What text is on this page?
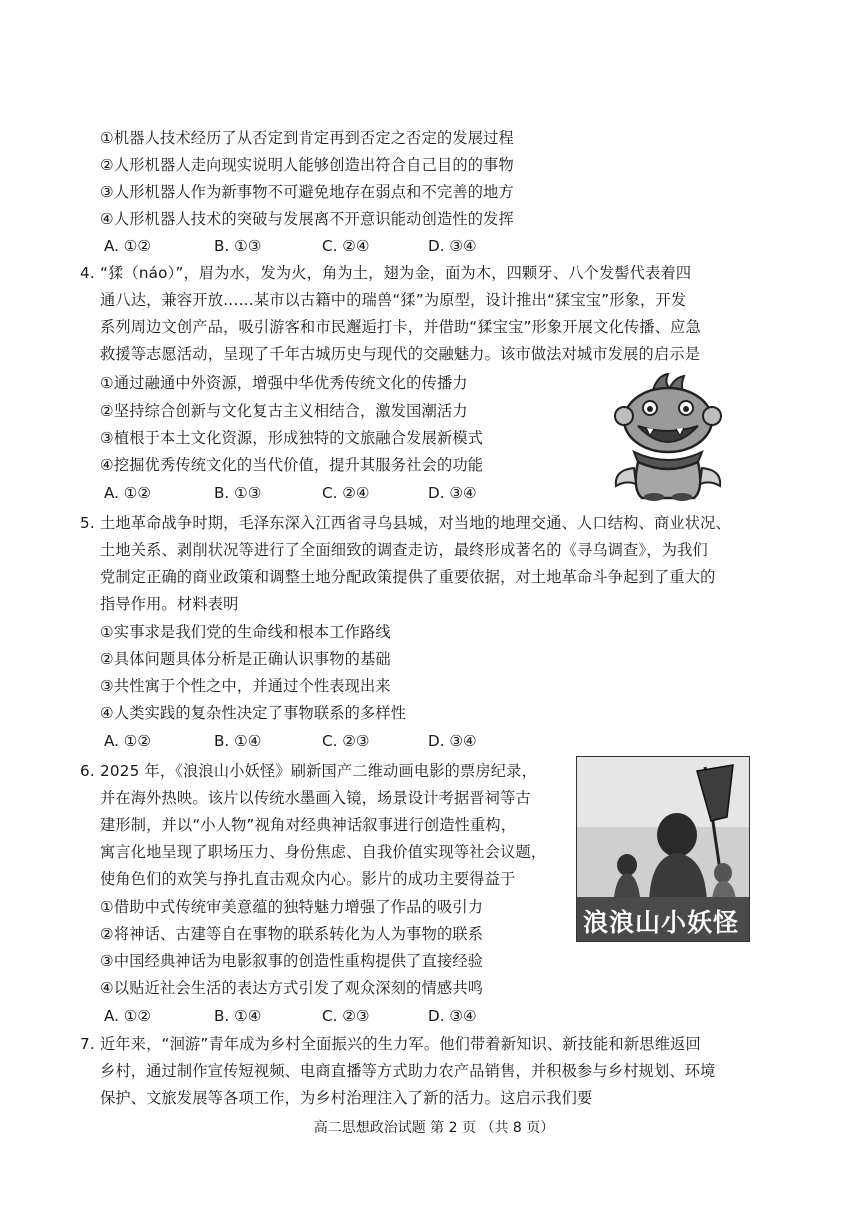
①机器人技术经历了从否定到肯定再到否定之否定的发展过程
②人形机器人走向现实说明人能够创造出符合自己目的的事物
③人形机器人作为新事物不可避免地存在弱点和不完善的地方
④人形机器人技术的突破与发展离不开意识能动创造性的发挥
A. ①②	B. ①③	C. ②④	D. ③④
4. “猱（náo）”，眉为水，发为火，角为土，翅为金，面为木，四颗牙、八个发髻代表着四
通八达，兼容开放……某市以古籍中的瑞兽“猱”为原型，设计推出“猱宝宝”形象，开发
系列周边文创产品，吸引游客和市民邂逅打卡，并借助“猱宝宝”形象开展文化传播、应急
救援等志愿活动，呈现了千年古城历史与现代的交融魅力。该市做法对城市发展的启示是
①通过融通中外资源，增强中华优秀传统文化的传播力
②坚持综合创新与文化复古主义相结合，激发国潮活力
③植根于本土文化资源，形成独特的文旅融合发展新模式
④挖掘优秀传统文化的当代价值，提升其服务社会的功能
A. ①②	B. ①③	C. ②④	D. ③④
5. 土地革命战争时期，毛泽东深入江西省寻乌县城，对当地的地理交通、人口结构、商业状况、
土地关系、剥削状况等进行了全面细致的调查走访，最终形成著名的《寻乌调查》，为我们
党制定正确的商业政策和调整土地分配政策提供了重要依据，对土地革命斗争起到了重大的
指导作用。材料表明
①实事求是我们党的生命线和根本工作路线
②具体问题具体分析是正确认识事物的基础
③共性寓于个性之中，并通过个性表现出来
④人类实践的复杂性决定了事物联系的多样性
A. ①②	B. ①④	C. ②③	D. ③④
6. 2025 年，《浪浪山小妖怪》刷新国产二维动画电影的票房纪录，
并在海外热映。该片以传统水墨画入镜，场景设计考据晋祠等古
建形制，并以“小人物”视角对经典神话叙事进行创造性重构，
寓言化地呈现了职场压力、身份焦虑、自我价值实现等社会议题，
使角色们的欢笑与挣扎直击观众内心。影片的成功主要得益于
①借助中式传统审美意蕴的独特魅力增强了作品的吸引力
②将神话、古建等自在事物的联系转化为人为事物的联系
③中国经典神话为电影叙事的创造性重构提供了直接经验
④以贴近社会生活的表达方式引发了观众深刻的情感共鸣
A. ①②	B. ①④	C. ②③	D. ③④
浪浪山小妖怪
7. 近年来，“洄游”青年成为乡村全面振兴的生力军。他们带着新知识、新技能和新思维返回
乡村，通过制作宣传短视频、电商直播等方式助力农产品销售，并积极参与乡村规划、环境
保护、文旅发展等各项工作，为乡村治理注入了新的活力。这启示我们要
高二思想政治试题 第 2 页 （共 8 页）
